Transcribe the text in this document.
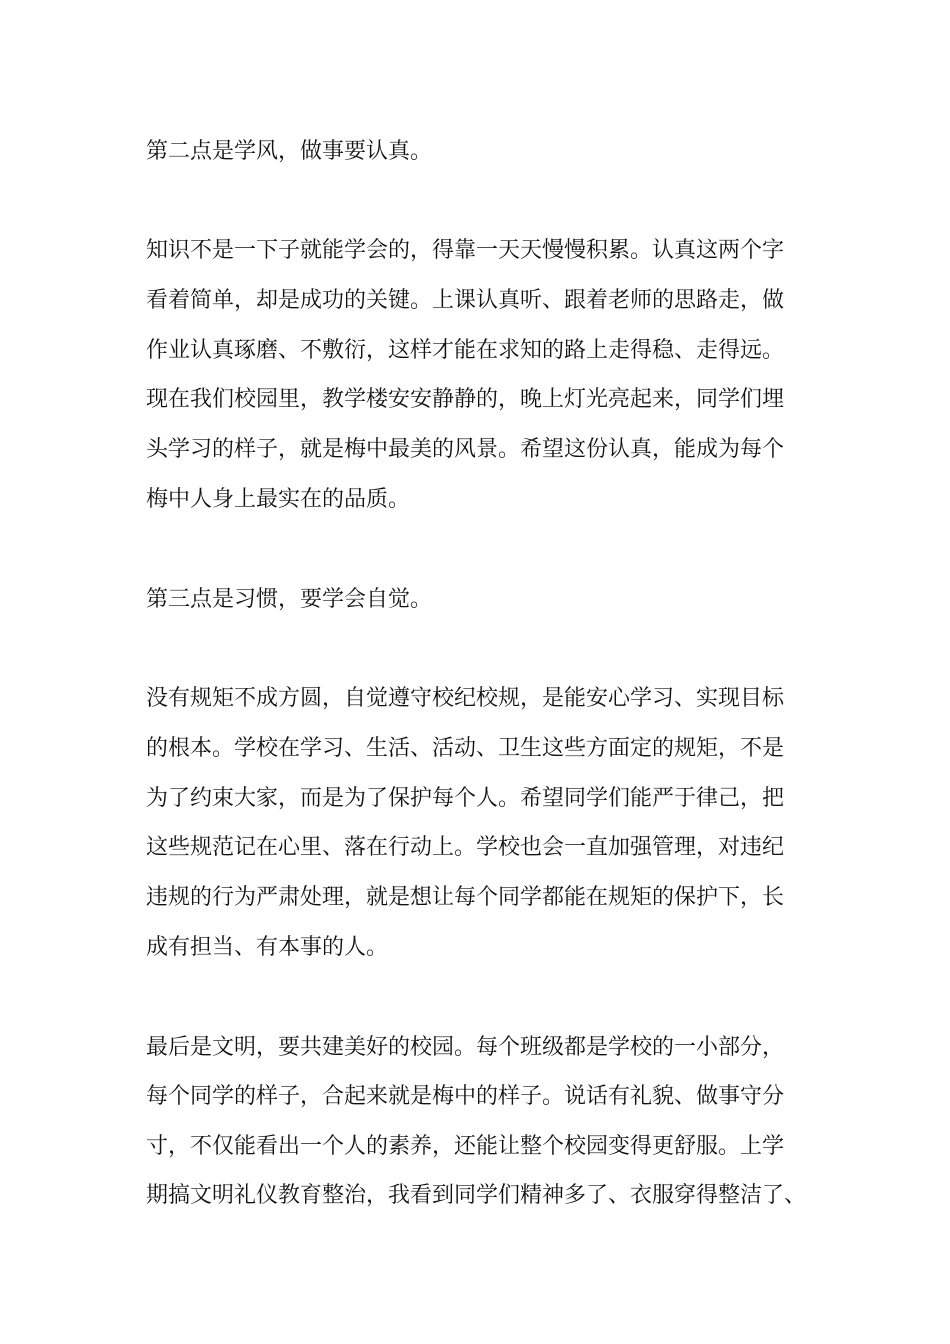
第二点是学风，做事要认真。

知识不是一下子就能学会的，得靠一天天慢慢积累。认真这两个字

看着简单，却是成功的关键。上课认真听、跟着老师的思路走，做

作业认真琢磨、不敷衍，这样才能在求知的路上走得稳、走得远。

现在我们校园里，教学楼安安静静的，晚上灯光亮起来，同学们埋

头学习的样子，就是梅中最美的风景。希望这份认真，能成为每个

梅中人身上最实在的品质。

第三点是习惯，要学会自觉。

没有规矩不成方圆，自觉遵守校纪校规，是能安心学习、实现目标

的根本。学校在学习、生活、活动、卫生这些方面定的规矩，不是

为了约束大家，而是为了保护每个人。希望同学们能严于律己，把

这些规范记在心里、落在行动上。学校也会一直加强管理，对违纪

违规的行为严肃处理，就是想让每个同学都能在规矩的保护下，长

成有担当、有本事的人。

最后是文明，要共建美好的校园。每个班级都是学校的一小部分，

每个同学的样子，合起来就是梅中的样子。说话有礼貌、做事守分

寸，不仅能看出一个人的素养，还能让整个校园变得更舒服。上学

期搞文明礼仪教育整治，我看到同学们精神多了、衣服穿得整洁了、
